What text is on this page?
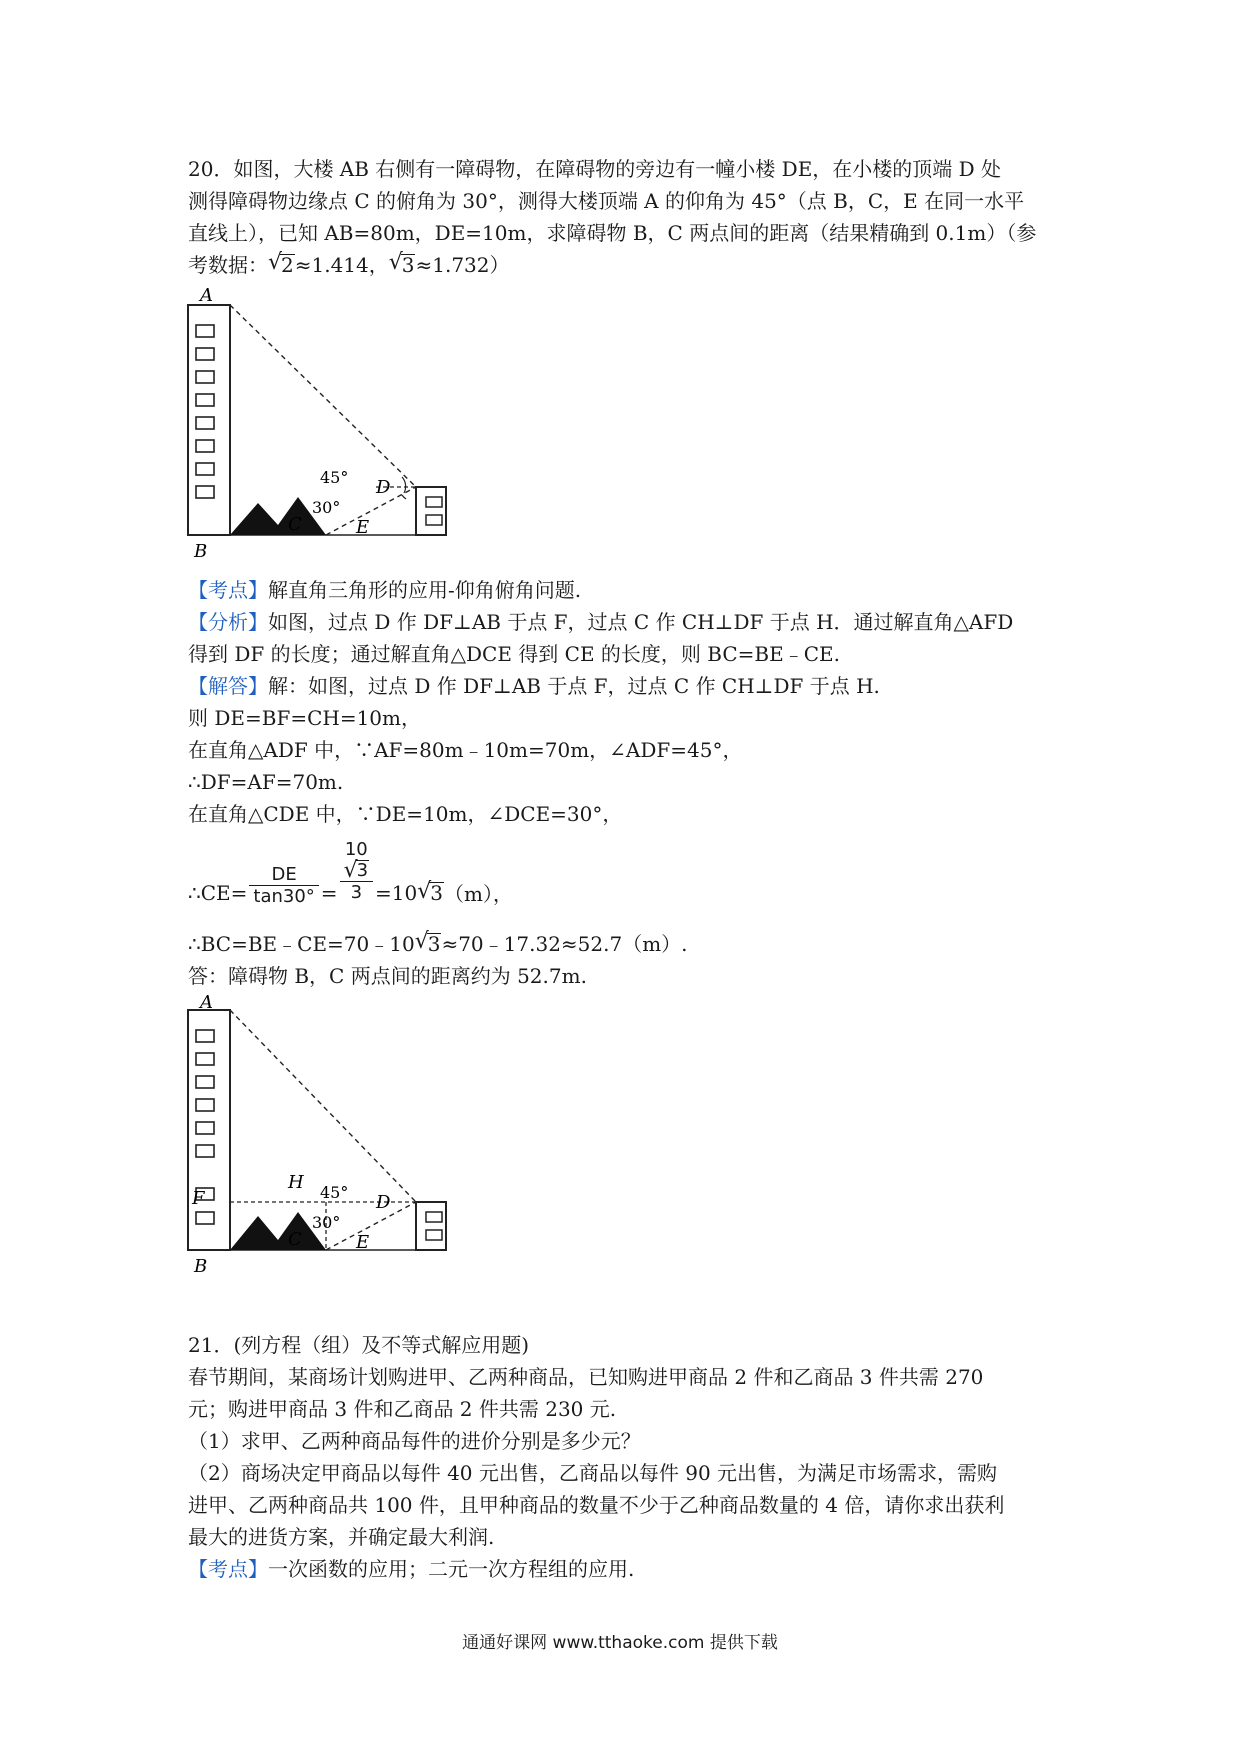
20．如图，大楼 AB 右侧有一障碍物，在障碍物的旁边有一幢小楼 DE，在小楼的顶端 D 处
测得障碍物边缘点 C 的俯角为 30°，测得大楼顶端 A 的仰角为 45°（点 B，C，E 在同一水平
直线上），已知 AB=80m，DE=10m，求障碍物 B，C 两点间的距离（结果精确到 0.1m）（参
考数据： √ 2≈1.414， √ 3≈1.732）
A
B
C
D
E
45°
30°
【考点】解直角三角形的应用-仰角俯角问题.
【分析】如图，过点 D 作 DF⊥AB 于点 F，过点 C 作 CH⊥DF 于点 H．通过解直角△AFD
得到 DF 的长度；通过解直角△DCE 得到 CE 的长度，则 BC=BE﹣CE.
【解答】解：如图，过点 D 作 DF⊥AB 于点 F，过点 C 作 CH⊥DF 于点 H.
则 DE=BF=CH=10m，
在直角△ADF 中，∵AF=80m﹣10m=70m，∠ADF=45°，
∴DF=AF=70m.
在直角△CDE 中，∵DE=10m，∠DCE=30°，
∴CE= $\frac{DE}{\tan 30^\circ} = 10$
√ 3
3 =10 √ 3（m），
∴BC=BE﹣CE=70﹣10 √ 3≈70﹣17.32≈52.7（m）.
答：障碍物 B，C 两点间的距离约为 52.7m.
A
B
C
D
E
F
H 45°
30°
21．(列方程（组）及不等式解应用题)
春节期间，某商场计划购进甲、乙两种商品，已知购进甲商品 2 件和乙商品 3 件共需 270
元；购进甲商品 3 件和乙商品 2 件共需 230 元.
（1）求甲、乙两种商品每件的进价分别是多少元？
（2）商场决定甲商品以每件 40 元出售，乙商品以每件 90 元出售，为满足市场需求，需购
进甲、乙两种商品共 100 件，且甲种商品的数量不少于乙种商品数量的 4 倍，请你求出获利
最大的进货方案，并确定最大利润.
【考点】一次函数的应用；二元一次方程组的应用.
通通好课网 www.tthaoke.com 提供下载
